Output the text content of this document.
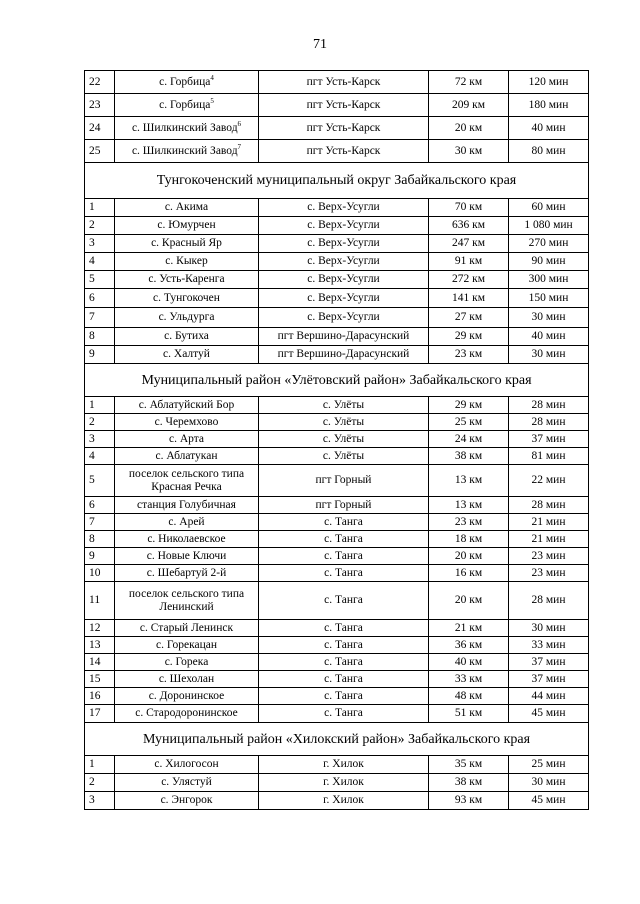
71
22	с. Горбица$^4$	пгт Усть-Карск	72 км	120 мин
23	с. Горбица$^5$	пгт Усть-Карск	209 км	180 мин
24	с. Шилкинский Завод$^6$	пгт Усть-Карск	20 км	40 мин
25	с. Шилкинский Завод$^7$	пгт Усть-Карск	30 км	80 мин
Тунгокоченский муниципальный округ Забайкальского края				
1	с. Акима	с. Верх-Усугли	70 км	60 мин
2	с. Юмурчен	с. Верх-Усугли	636 км	1 080 мин
3	с. Красный Яр	с. Верх-Усугли	247 км	270 мин
4	с. Кыкер	с. Верх-Усугли	91 км	90 мин
5	с. Усть-Каренга	с. Верх-Усугли	272 км	300 мин
6	с. Тунгокочен	с. Верх-Усугли	141 км	150 мин
7	с. Ульдурга	с. Верх-Усугли	27 км	30 мин
8	с. Бутиха	пгт Вершино-Дарасунский	29 км	40 мин
9	с. Халтуй	пгт Вершино-Дарасунский	23 км	30 мин
Муниципальный район «Улётовский район» Забайкальского края				
1	с. Аблатуйский Бор	с. Улёты	29 км	28 мин
2	с. Черемхово	с. Улёты	25 км	28 мин
3	с. Арта	с. Улёты	24 км	37 мин
4	с. Аблатукан	с. Улёты	38 км	81 мин
5	поселок сельского типа Красная Речка	пгт Горный	13 км	22 мин
6	станция Голубичная	пгт Горный	13 км	28 мин
7	с. Арей	с. Танга	23 км	21 мин
8	с. Николаевское	с. Танга	18 км	21 мин
9	с. Новые Ключи	с. Танга	20 км	23 мин
10	с. Шебартуй 2-й	с. Танга	16 км	23 мин
11	поселок сельского типа Ленинский	с. Танга	20 км	28 мин
12	с. Старый Ленинск	с. Танга	21 км	30 мин
13	с. Горекацан	с. Танга	36 км	33 мин
14	с. Горека	с. Танга	40 км	37 мин
15	с. Шехолан	с. Танга	33 км	37 мин
16	с. Доронинское	с. Танга	48 км	44 мин
17	с. Стародоронинское	с. Танга	51 км	45 мин
Муниципальный район «Хилокский район» Забайкальского края				
1	с. Хилогосон	г. Хилок	35 км	25 мин
2	с. Улястуй	г. Хилок	38 км	30 мин
3	с. Энгорок	г. Хилок	93 км	45 мин
